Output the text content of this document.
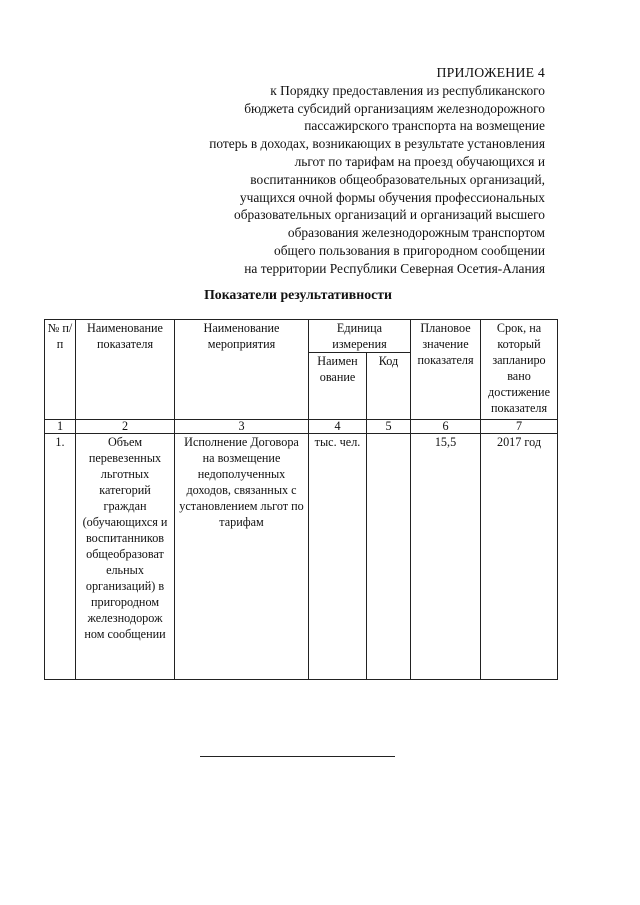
ПРИЛОЖЕНИЕ 4
к Порядку предоставления из республиканского
бюджета субсидий организациям железнодорожного
пассажирского транспорта на возмещение
потерь в доходах, возникающих в результате установления
льгот по тарифам на проезд обучающихся и
воспитанников общеобразовательных организаций,
учащихся очной формы обучения профессиональных
образовательных организаций и организаций высшего
образования железнодорожным транспортом
общего пользования в пригородном сообщении
на территории Республики Северная Осетия-Алания
Показатели результативности
№ п/п	Наименование показателя	Наименование мероприятия	Единица измерения		Плановое значение показателя	Срок, на который запланиро вано достижение показателя
			Наимен ование	Код		
1	2	3	4	5	6	7
1.	Объем перевезенных льготных категорий граждан (обучающихся и воспитанников общеобразоват ельных организаций) в пригородном железнодорож ном сообщении	Исполнение Договора на возмещение недополученных доходов, связанных с установлением льгот по тарифам	тыс. чел.		15,5	2017 год
